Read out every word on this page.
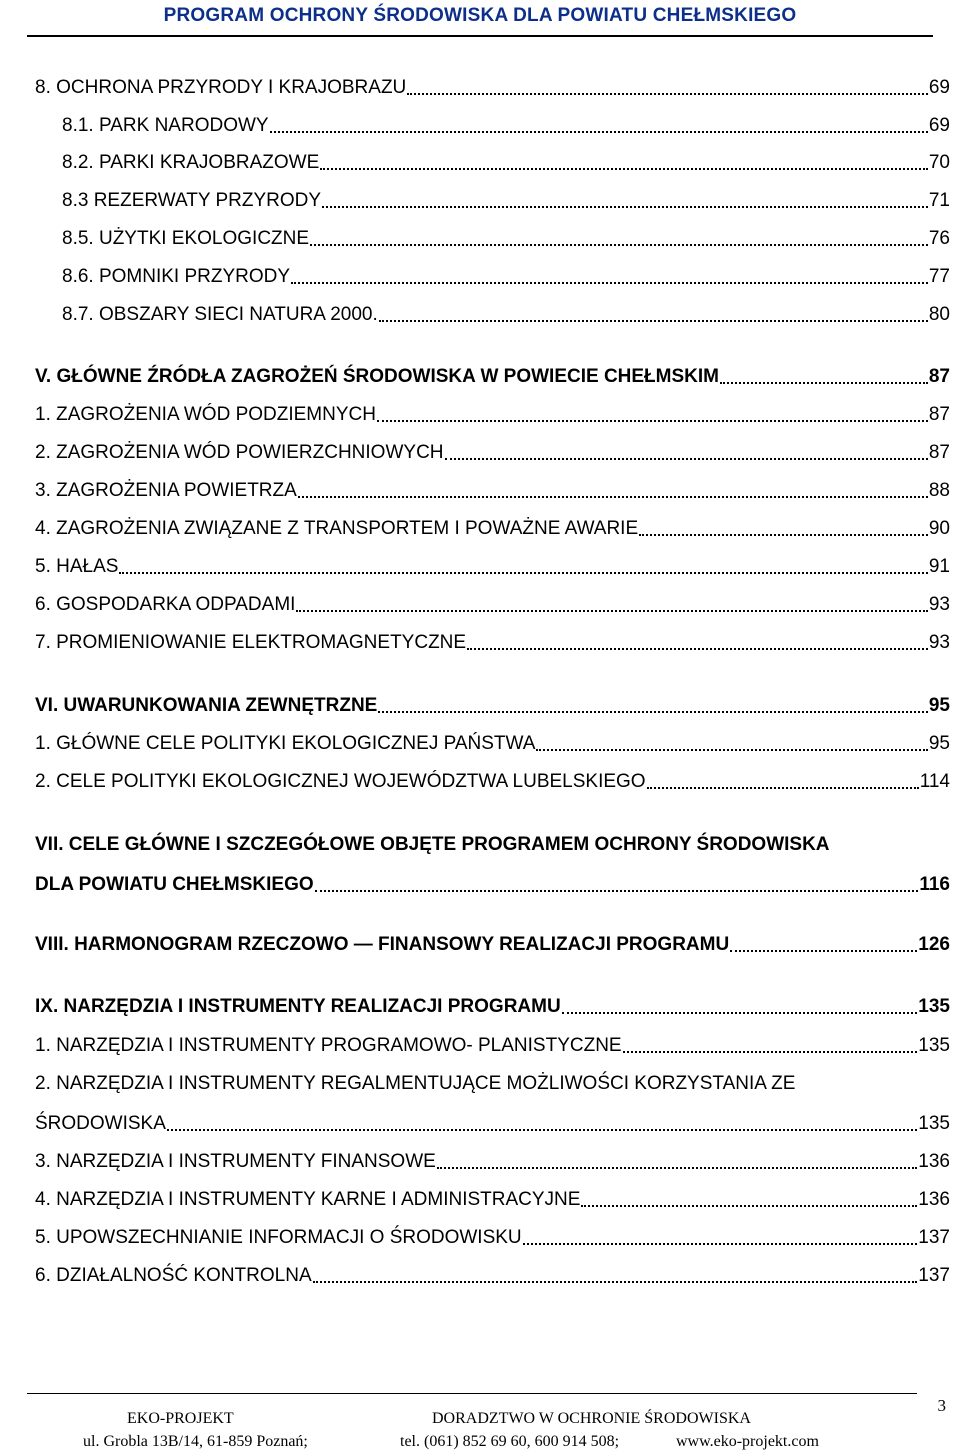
PROGRAM OCHRONY ŚRODOWISKA DLA POWIATU CHEŁMSKIEGO
8. OCHRONA PRZYRODY I KRAJOBRAZU	69
8.1. PARK NARODOWY	69
8.2. PARKI KRAJOBRAZOWE	70
8.3 REZERWATY PRZYRODY	71
8.5. UŻYTKI EKOLOGICZNE	76
8.6. POMNIKI PRZYRODY	77
8.7. OBSZARY SIECI NATURA 2000.	80
V. GŁÓWNE ŹRÓDŁA ZAGROŻEŃ ŚRODOWISKA W POWIECIE CHEŁMSKIM	87
1. ZAGROŻENIA WÓD PODZIEMNYCH	87
2. ZAGROŻENIA WÓD POWIERZCHNIOWYCH	87
3. ZAGROŻENIA POWIETRZA	88
4. ZAGROŻENIA ZWIĄZANE Z TRANSPORTEM I POWAŻNE AWARIE	90
5. HAŁAS	91
6. GOSPODARKA ODPADAMI	93
7. PROMIENIOWANIE ELEKTROMAGNETYCZNE	93
VI. UWARUNKOWANIA ZEWNĘTRZNE	95
1. GŁÓWNE CELE POLITYKI EKOLOGICZNEJ PAŃSTWA	95
2. CELE POLITYKI EKOLOGICZNEJ WOJEWÓDZTWA LUBELSKIEGO	114
VII. CELE GŁÓWNE I SZCZEGÓŁOWE OBJĘTE PROGRAMEM OCHRONY ŚRODOWISKA
DLA POWIATU CHEŁMSKIEGO	116
VIII. HARMONOGRAM RZECZOWO — FINANSOWY REALIZACJI PROGRAMU	126
IX. NARZĘDZIA I INSTRUMENTY REALIZACJI PROGRAMU	135
1. NARZĘDZIA I INSTRUMENTY PROGRAMOWO- PLANISTYCZNE	135
2. NARZĘDZIA I INSTRUMENTY REGALMENTUJĄCE MOŻLIWOŚCI KORZYSTANIA ZE
ŚRODOWISKA	135
3. NARZĘDZIA I INSTRUMENTY FINANSOWE	136
4. NARZĘDZIA I INSTRUMENTY KARNE I ADMINISTRACYJNE	136
5. UPOWSZECHNIANIE INFORMACJI O ŚRODOWISKU	137
6. DZIAŁALNOŚĆ KONTROLNA	137
3
EKO-PROJEKT	DORADZTWO W OCHRONIE ŚRODOWISKA
ul. Grobla 13B/14, 61-859 Poznań;	tel. (061) 852 69 60, 600 914 508;	www.eko-projekt.com
